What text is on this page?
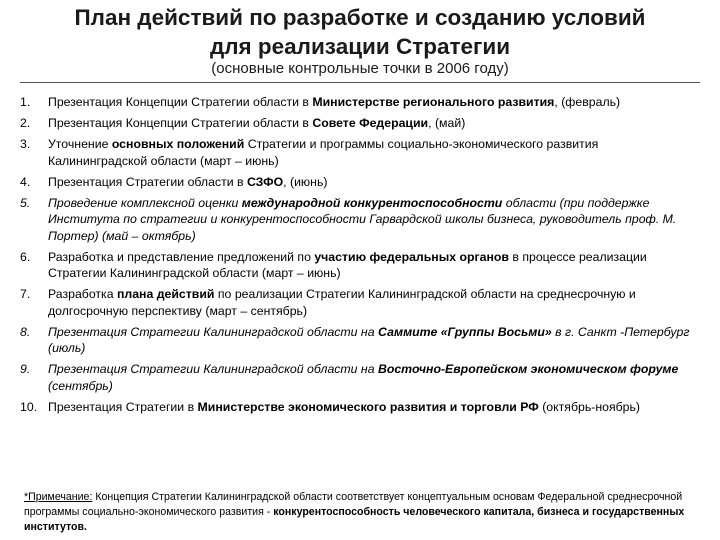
План действий по разработке и созданию условий
для реализации Стратегии
(основные контрольные точки в 2006 году)
1. Презентация Концепции Стратегии области в Министерстве регионального развития, (февраль)
2. Презентация Концепции Стратегии области в Совете Федерации, (май)
3. Уточнение основных положений Стратегии и программы социально-экономического развития Калининградской области (март – июнь)
4. Презентация Стратегии области в СЗФО, (июнь)
5. Проведение комплексной оценки международной конкурентоспособности области (при поддержке Института по стратегии и конкурентоспособности Гарвардской школы бизнеса, руководитель проф. М. Портер) (май – октябрь)
6. Разработка и представление предложений по участию федеральных органов в процессе реализации Стратегии Калининградской области (март – июнь)
7. Разработка плана действий по реализации Стратегии Калининградской области на среднесрочную и долгосрочную перспективу (март – сентябрь)
8. Презентация Стратегии Калининградской области на Саммите «Группы Восьми» в г. Санкт -Петербург (июль)
9. Презентация Стратегии Калининградской области на Восточно-Европейском экономическом форуме (сентябрь)
10. Презентация Стратегии в Министерстве экономического развития и торговли РФ (октябрь-ноябрь)
*Примечание: Концепция Стратегии Калининградской области соответствует концептуальным основам Федеральной среднесрочной программы социально-экономического развития - конкурентоспособность человеческого капитала, бизнеса и государственных институтов.
